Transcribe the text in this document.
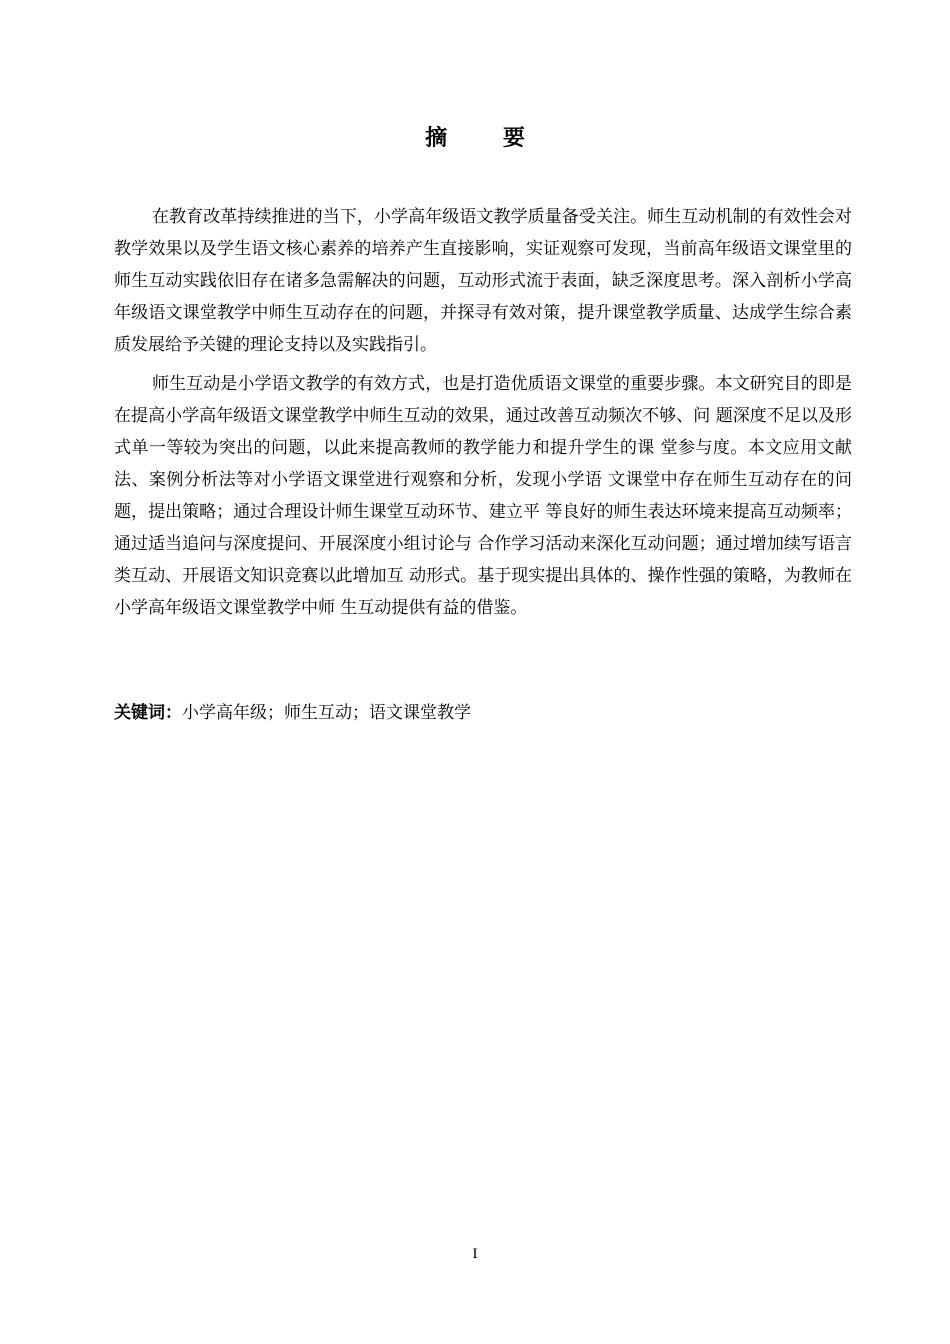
摘 要

在教育改革持续推进的当下，小学高年级语文教学质量备受关注。师生互动机制的有效性会对教学效果以及学生语文核心素养的培养产生直接影响，实证观察可发现，当前高年级语文课堂里的师生互动实践依旧存在诸多急需解决的问题，互动形式流于表面，缺乏深度思考。深入剖析小学高年级语文课堂教学中师生互动存在的问题，并探寻有效对策，提升课堂教学质量、达成学生综合素质发展给予关键的理论支持以及实践指引。

师生互动是小学语文教学的有效方式，也是打造优质语文课堂的重要步骤。本文研究目的即是在提高小学高年级语文课堂教学中师生互动的效果，通过改善互动频次不够、问 题深度不足以及形式单一等较为突出的问题，以此来提高教师的教学能力和提升学生的课 堂参与度。本文应用文献法、案例分析法等对小学语文课堂进行观察和分析，发现小学语 文课堂中存在师生互动存在的问题，提出策略；通过合理设计师生课堂互动环节、建立平 等良好的师生表达环境来提高互动频率；通过适当追问与深度提问、开展深度小组讨论与 合作学习活动来深化互动问题；通过增加续写语言类互动、开展语文知识竞赛以此增加互 动形式。基于现实提出具体的、操作性强的策略，为教师在小学高年级语文课堂教学中师 生互动提供有益的借鉴。

关键词：小学高年级；师生互动；语文课堂教学
I
